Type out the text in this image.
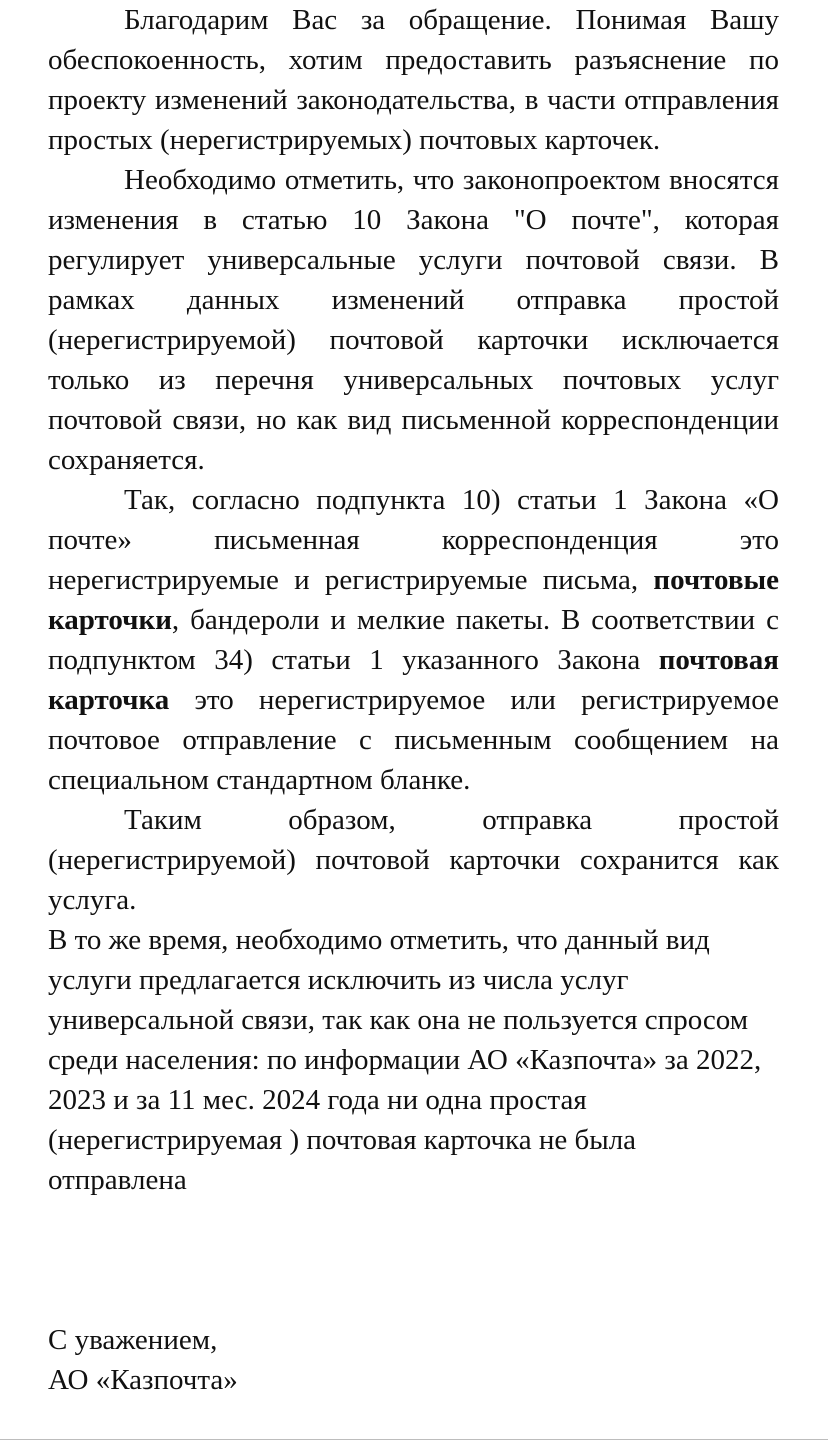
Благодарим Вас за обращение. Понимая Вашу обеспокоенность, хотим предоставить разъяснение по проекту изменений законодательства, в части отправления простых (нерегистрируемых) почтовых карточек.

Необходимо отметить, что законопроектом вносятся изменения в статью 10 Закона "О почте", которая регулирует универсальные услуги почтовой связи. В рамках данных изменений отправка простой (нерегистрируемой) почтовой карточки исключается только из перечня универсальных почтовых услуг почтовой связи, но как вид письменной корреспонденции сохраняется.

Так, согласно подпункта 10) статьи 1 Закона «О почте» письменная корреспонденция это нерегистрируемые и регистрируемые письма, почтовые карточки, бандероли и мелкие пакеты. В соответствии с подпунктом 34) статьи 1 указанного Закона почтовая карточка это нерегистрируемое или регистрируемое почтовое отправление с письменным сообщением на специальном стандартном бланке.

Таким образом, отправка простой (нерегистрируемой) почтовой карточки сохранится как услуга.

В то же время, необходимо отметить, что данный вид услуги предлагается исключить из числа услуг универсальной связи, так как она не пользуется спросом среди населения: по информации АО «Казпочта» за 2022, 2023 и за 11 мес. 2024 года ни одна простая (нерегистрируемая ) почтовая карточка не была отправлена

С уважением,

АО «Казпочта»
